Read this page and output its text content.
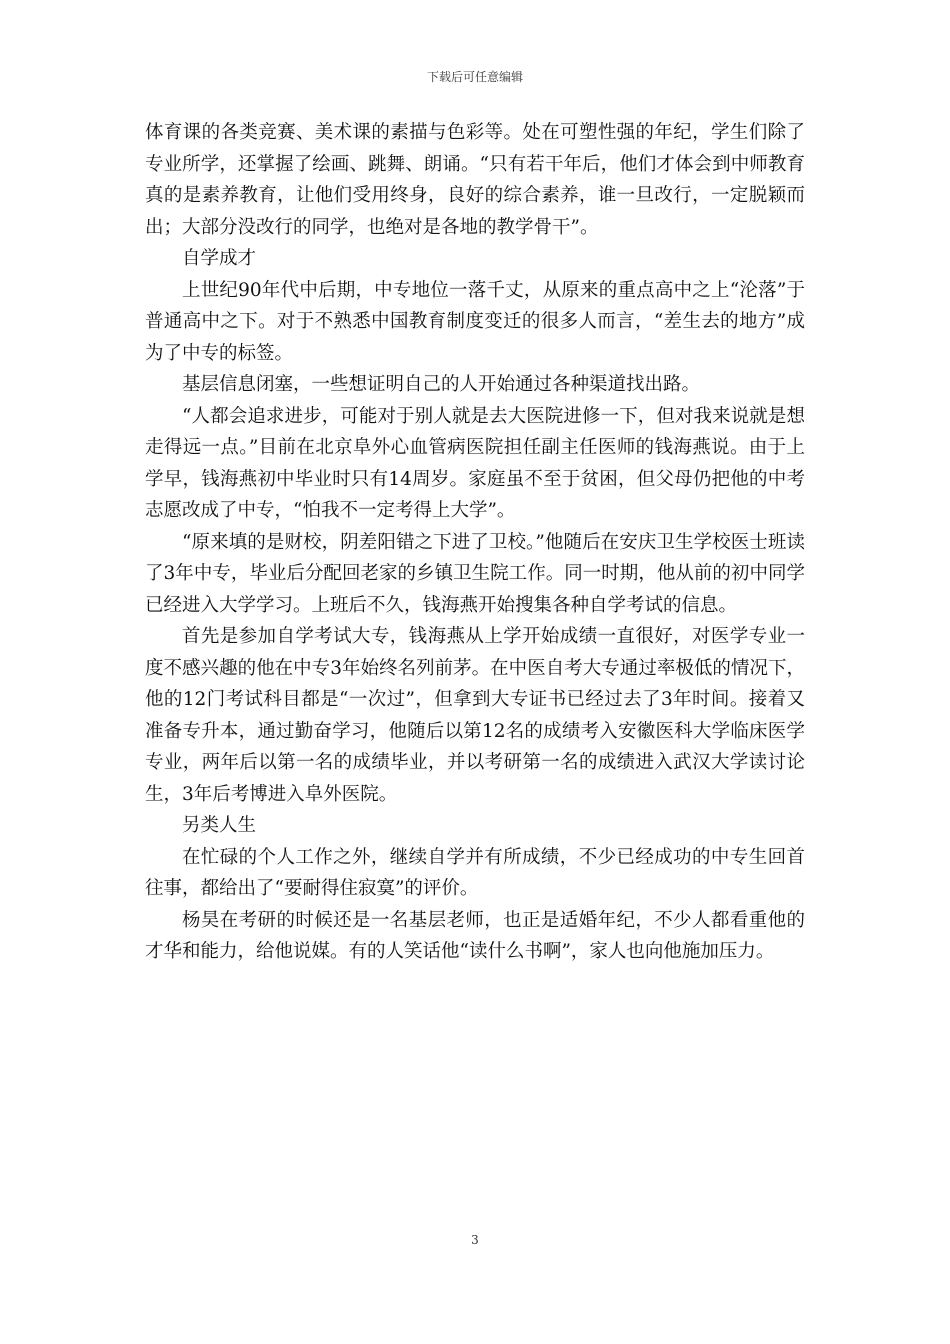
下载后可任意编辑

体育课的各类竞赛、美术课的素描与色彩等。处在可塑性强的年纪，学生们除了专业所学，还掌握了绘画、跳舞、朗诵。“只有若干年后，他们才体会到中师教育真的是素养教育，让他们受用终身，良好的综合素养，谁一旦改行，一定脱颖而出；大部分没改行的同学，也绝对是各地的教学骨干”。

自学成才

上世纪90年代中后期，中专地位一落千丈，从原来的重点高中之上“沦落”于普通高中之下。对于不熟悉中国教育制度变迁的很多人而言，“差生去的地方”成为了中专的标签。

基层信息闭塞，一些想证明自己的人开始通过各种渠道找出路。

“人都会追求进步，可能对于别人就是去大医院进修一下，但对我来说就是想走得远一点。”目前在北京阜外心血管病医院担任副主任医师的钱海燕说。由于上学早，钱海燕初中毕业时只有14周岁。家庭虽不至于贫困，但父母仍把他的中考志愿改成了中专，“怕我不一定考得上大学”。

“原来填的是财校，阴差阳错之下进了卫校。”他随后在安庆卫生学校医士班读了3年中专，毕业后分配回老家的乡镇卫生院工作。同一时期，他从前的初中同学已经进入大学学习。上班后不久，钱海燕开始搜集各种自学考试的信息。

首先是参加自学考试大专，钱海燕从上学开始成绩一直很好，对医学专业一度不感兴趣的他在中专3年始终名列前茅。在中医自考大专通过率极低的情况下，他的12门考试科目都是“一次过”，但拿到大专证书已经过去了3年时间。接着又准备专升本，通过勤奋学习，他随后以第12名的成绩考入安徽医科大学临床医学专业，两年后以第一名的成绩毕业，并以考研第一名的成绩进入武汉大学读讨论生，3年后考博进入阜外医院。

另类人生

在忙碌的个人工作之外，继续自学并有所成绩，不少已经成功的中专生回首往事，都给出了“要耐得住寂寞”的评价。

杨昊在考研的时候还是一名基层老师，也正是适婚年纪，不少人都看重他的才华和能力，给他说媒。有的人笑话他“读什么书啊”，家人也向他施加压力。

3
